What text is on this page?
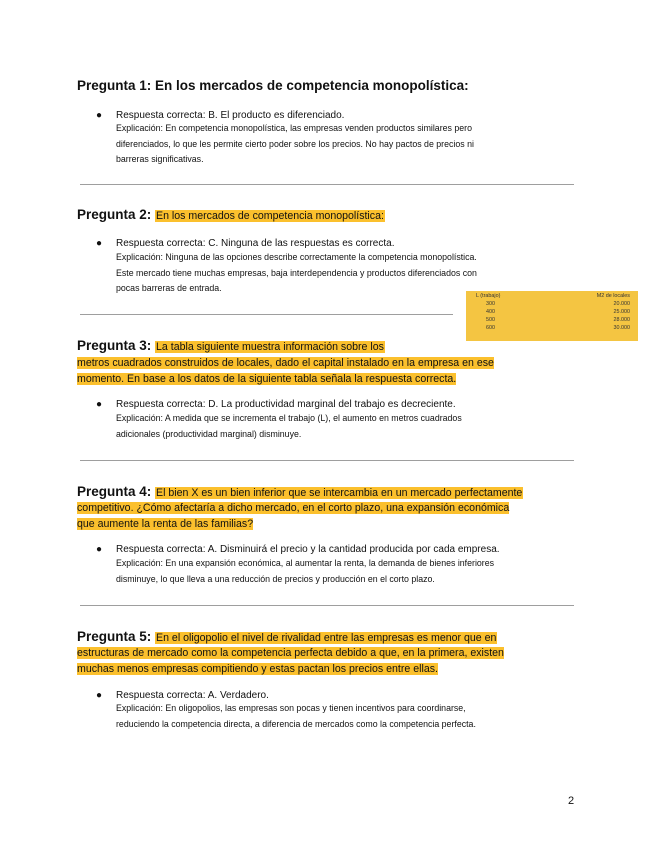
Pregunta 1: En los mercados de competencia monopolística:
● Respuesta correcta: B. El producto es diferenciado.
Explicación: En competencia monopolística, las empresas venden productos similares pero
diferenciados, lo que les permite cierto poder sobre los precios. No hay pactos de precios ni
barreras significativas.
Pregunta 2: En los mercados de competencia monopolística:
● Respuesta correcta: C. Ninguna de las respuestas es correcta.
Explicación: Ninguna de las opciones describe correctamente la competencia monopolística.
Este mercado tiene muchas empresas, baja interdependencia y productos diferenciados con
pocas barreras de entrada.
L (trabajo)	M2 de locales
300	20.000
400	25.000
500	28.000
600	30.000
Pregunta 3: La tabla siguiente muestra información sobre los
metros cuadrados construidos de locales, dado el capital instalado en la empresa en ese
momento. En base a los datos de la siguiente tabla señala la respuesta correcta.
● Respuesta correcta: D. La productividad marginal del trabajo es decreciente.
Explicación: A medida que se incrementa el trabajo (L), el aumento en metros cuadrados
adicionales (productividad marginal) disminuye.
Pregunta 4: El bien X es un bien inferior que se intercambia en un mercado perfectamente
competitivo. ¿Cómo afectaría a dicho mercado, en el corto plazo, una expansión económica
que aumente la renta de las familias?
● Respuesta correcta: A. Disminuirá el precio y la cantidad producida por cada empresa.
Explicación: En una expansión económica, al aumentar la renta, la demanda de bienes inferiores
disminuye, lo que lleva a una reducción de precios y producción en el corto plazo.
Pregunta 5: En el oligopolio el nivel de rivalidad entre las empresas es menor que en
estructuras de mercado como la competencia perfecta debido a que, en la primera, existen
muchas menos empresas compitiendo y estas pactan los precios entre ellas.
● Respuesta correcta: A. Verdadero.
Explicación: En oligopolios, las empresas son pocas y tienen incentivos para coordinarse,
reduciendo la competencia directa, a diferencia de mercados como la competencia perfecta.
2
